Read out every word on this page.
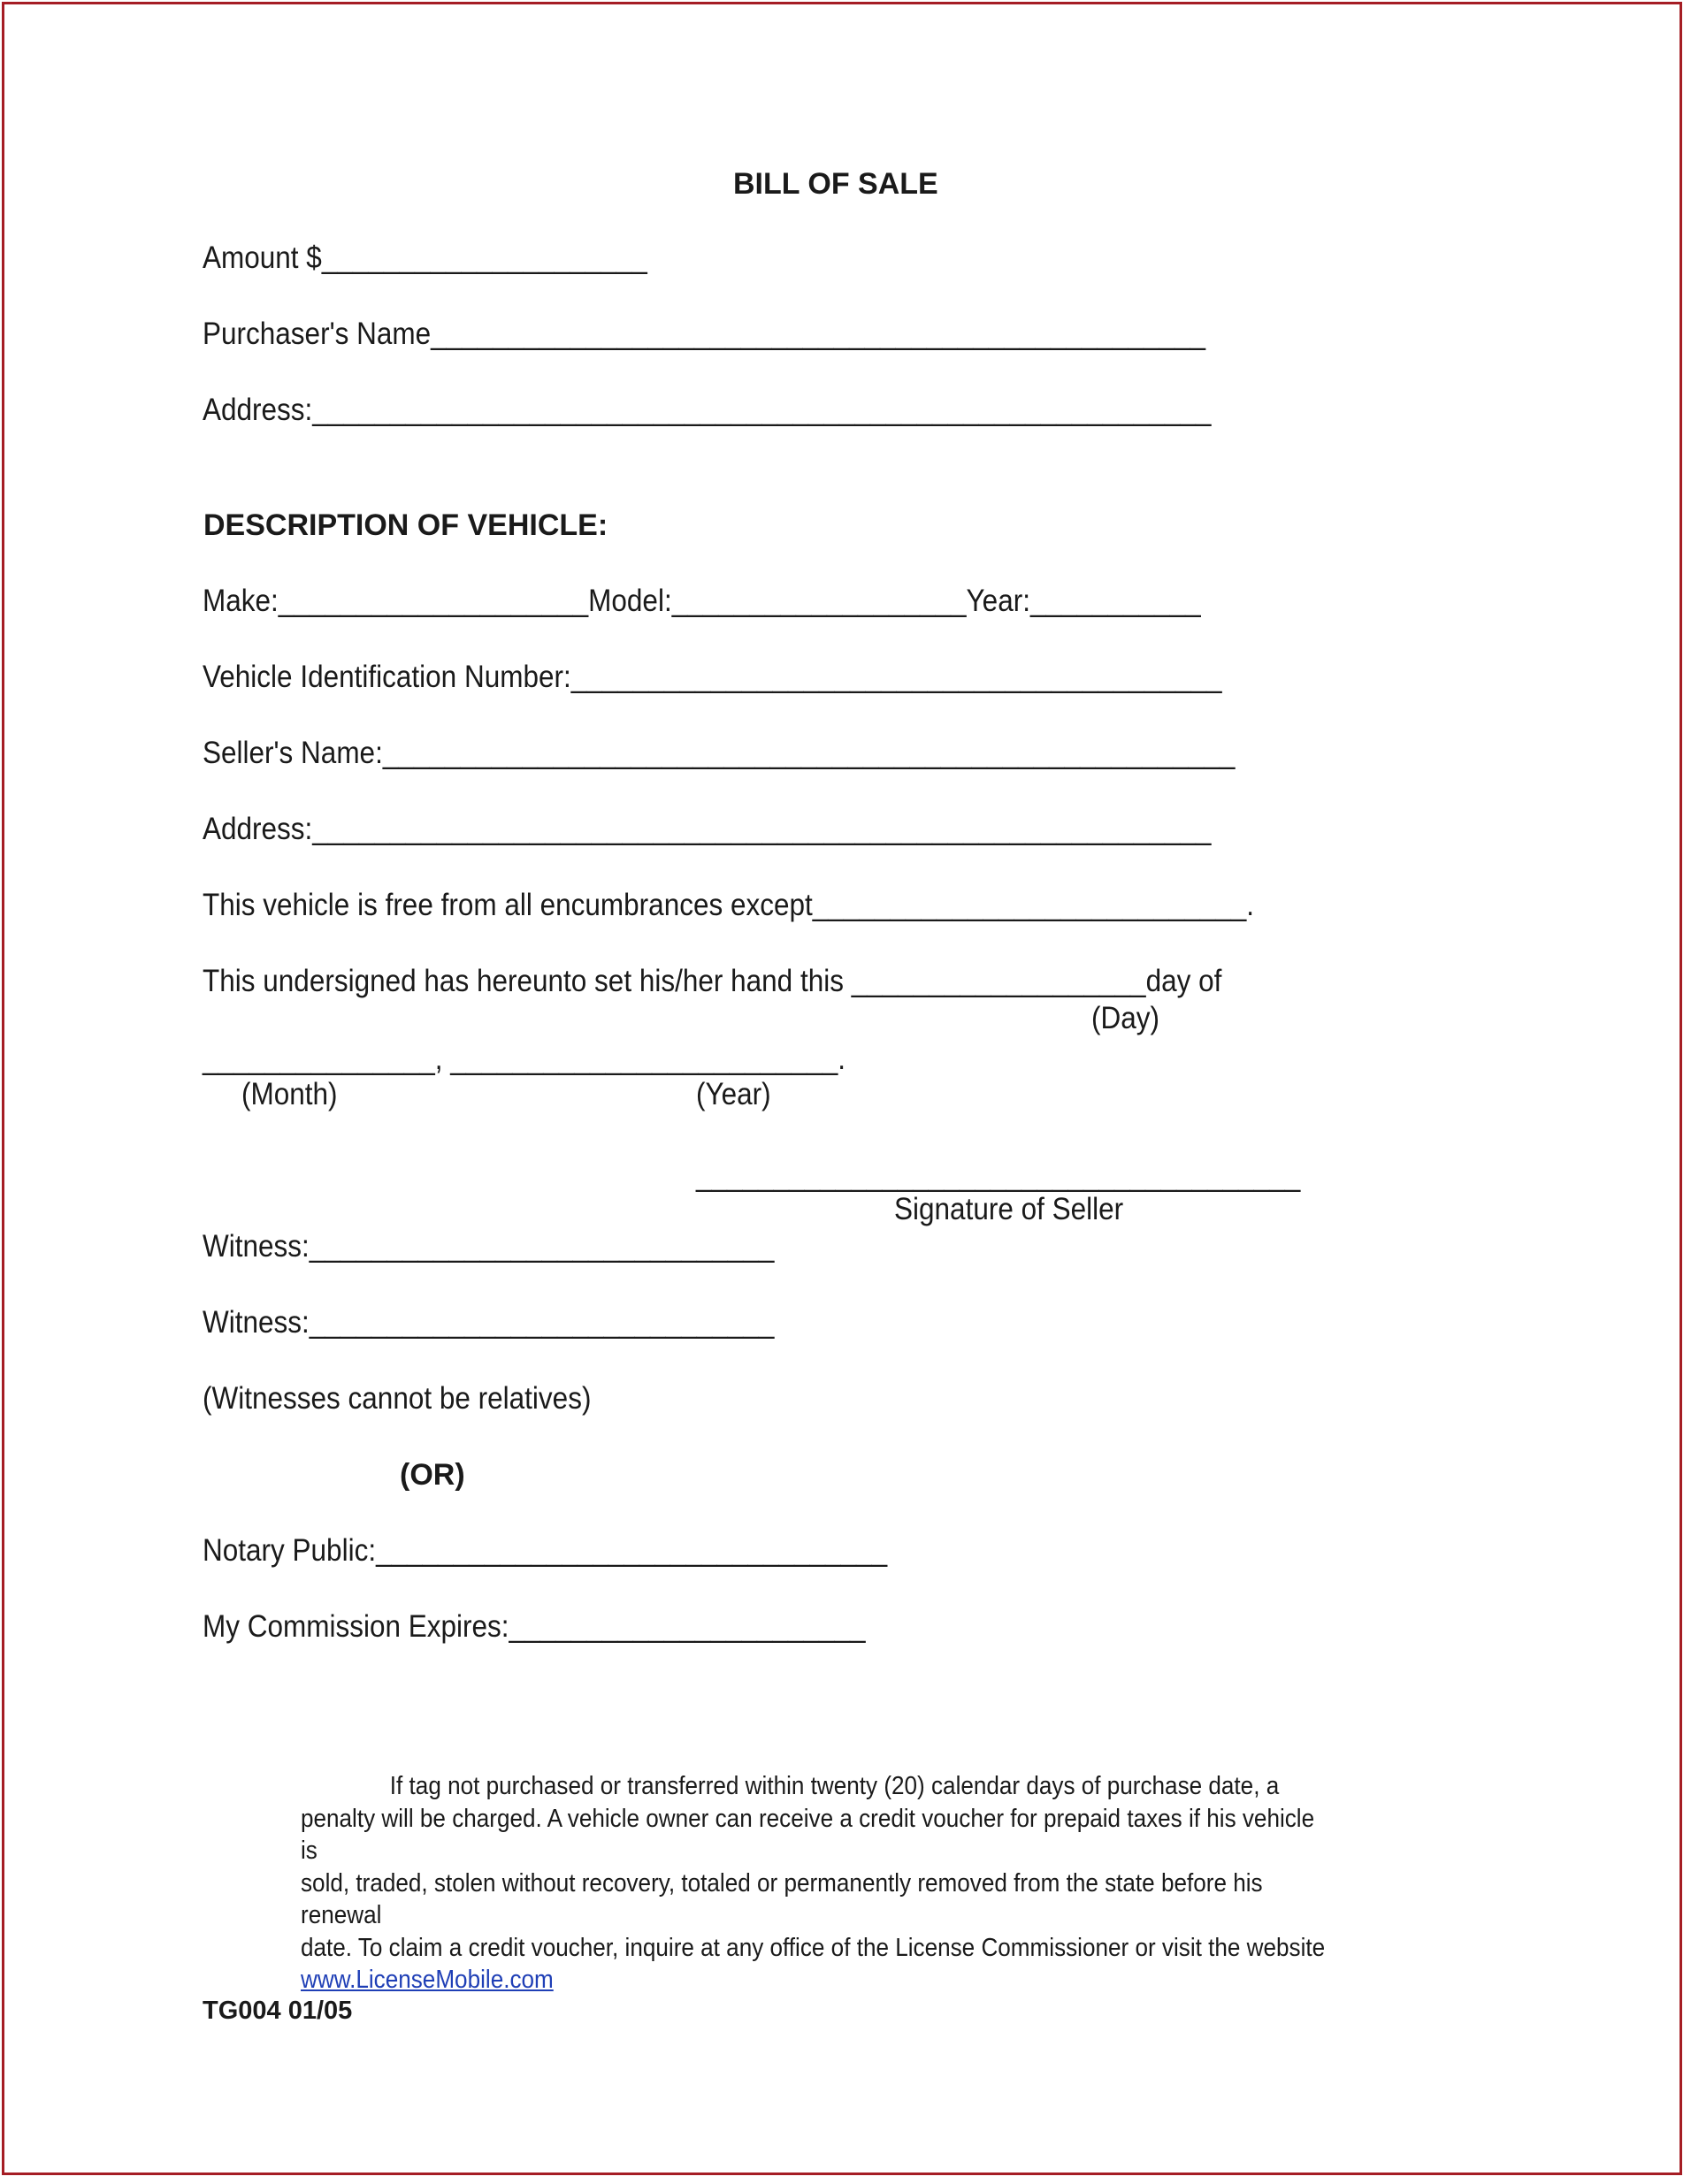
BILL OF SALE
Amount $_____________________
Purchaser's Name__________________________________________________
Address:__________________________________________________________
DESCRIPTION OF VEHICLE:
Make:____________________Model:___________________Year:___________
Vehicle Identification Number:__________________________________________
Seller's Name:_______________________________________________________
Address:__________________________________________________________
This vehicle is free from all encumbrances except____________________________.
This undersigned has hereunto set his/her hand this ___________________day of
(Day)
_______________, _________________________.
(Month)	(Year)
_______________________________________
Signature of Seller
Witness:______________________________
Witness:______________________________
(Witnesses cannot be relatives)
(OR)
Notary Public:_________________________________
My Commission Expires:_______________________

If tag not purchased or transferred within twenty (20) calendar days of purchase date, a

penalty will be charged. A vehicle owner can receive a credit voucher for prepaid taxes if his vehicle is

sold, traded, stolen without recovery, totaled or permanently removed from the state before his renewal

date. To claim a credit voucher, inquire at any office of the License Commissioner or visit the website

www.LicenseMobile.com

TG004 01/05
